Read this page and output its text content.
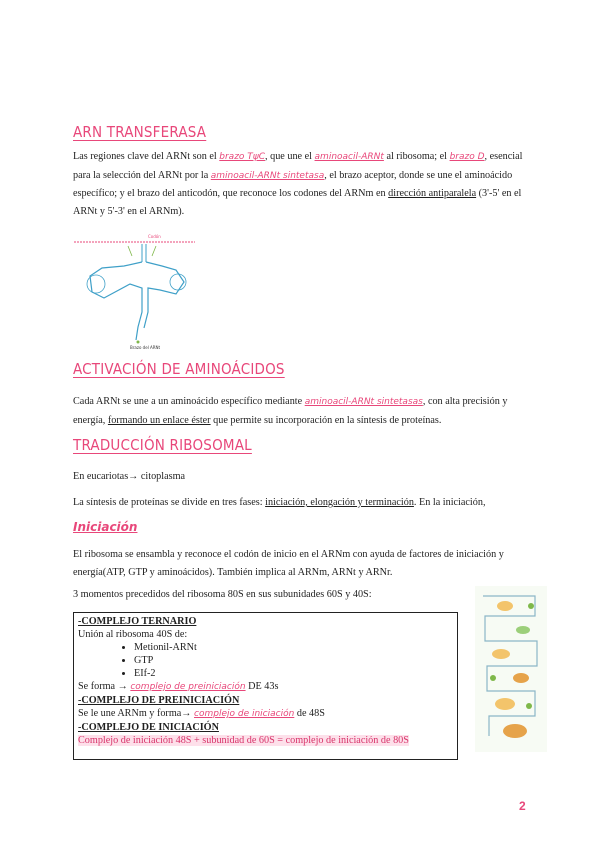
ARN TRANSFERASA
Las regiones clave del ARNt son el brazo TψC, que une el aminoacil-ARNt al ribosoma; el brazo D, esencial para la selección del ARNt por la aminoacil-ARNt sintetasa, el brazo aceptor, donde se une el aminoácido específico; y el brazo del anticodón, que reconoce los codones del ARNm en dirección antiparalela (3'-5' en el ARNt y 5'-3' en el ARNm).
Codón
Brazo del ARNt
ACTIVACIÓN DE AMINOÁCIDOS
Cada ARNt se une a un aminoácido específico mediante aminoacil-ARNt sintetasas, con alta precisión y energía, formando un enlace éster que permite su incorporación en la síntesis de proteínas.
TRADUCCIÓN RIBOSOMAL
En eucariotas→ citoplasma
La síntesis de proteínas se divide en tres fases: iniciación, elongación y terminación. En la iniciación,
Iniciación
El ribosoma se ensambla y reconoce el codón de inicio en el ARNm con ayuda de factores de iniciación y energía(ATP, GTP y aminoácidos). También implica al ARNm, ARNt y ARNr.
3 momentos precedidos del ribosoma 80S en sus subunidades 60S y 40S:
-COMPLEJO TERNARIO
Unión al ribosoma 40S de:
• Metionil-ARNt
• GTP
• EIf-2
Se forma → complejo de preiniciación DE 43s
-COMPLEJO DE PREINICIACIÓN
Se le une ARNm y forma→ complejo de iniciación de 48S
-COMPLEJO DE INICIACIÓN
Complejo de iniciación 48S + subunidad de 60S = complejo de iniciación de 80S
2
